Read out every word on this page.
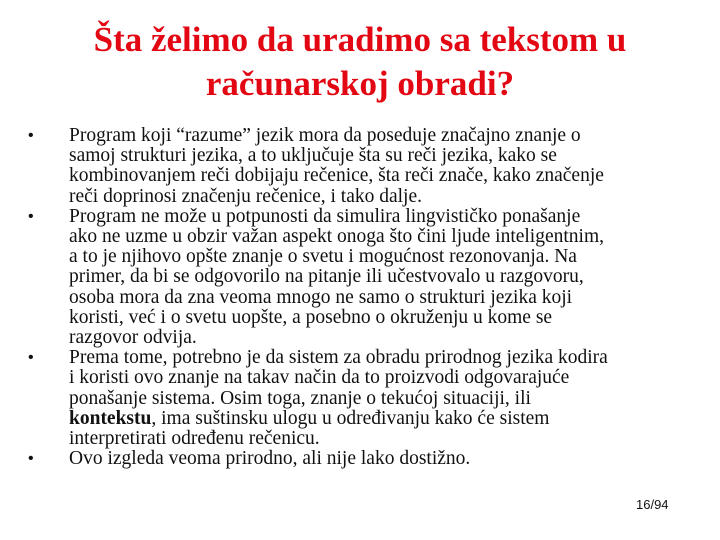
Šta želimo da uradimo sa tekstom u
računarskoj obradi?
•	Program koji “razume” jezik mora da poseduje značajno znanje o
samoj strukturi jezika, a to uključuje šta su reči jezika, kako se
kombinovanjem reči dobijaju rečenice, šta reči znače, kako značenje
reči doprinosi značenju rečenice, i tako dalje.
•	Program ne može u potpunosti da simulira lingvističko ponašanje
ako ne uzme u obzir važan aspekt onoga što čini ljude inteligentnim,
a to je njihovo opšte znanje o svetu i mogućnost rezonovanja. Na
primer, da bi se odgovorilo na pitanje ili učestvovalo u razgovoru,
osoba mora da zna veoma mnogo ne samo o strukturi jezika koji
koristi, već i o svetu uopšte, a posebno o okruženju u kome se
razgovor odvija.
•	Prema tome, potrebno je da sistem za obradu prirodnog jezika kodira
i koristi ovo znanje na takav način da to proizvodi odgovarajuće
ponašanje sistema. Osim toga, znanje o tekućoj situaciji, ili
kontekstu, ima suštinsku ulogu u određivanju kako će sistem
interpretirati određenu rečenicu.
•	Ovo izgleda veoma prirodno, ali nije lako dostižno.
16/94
